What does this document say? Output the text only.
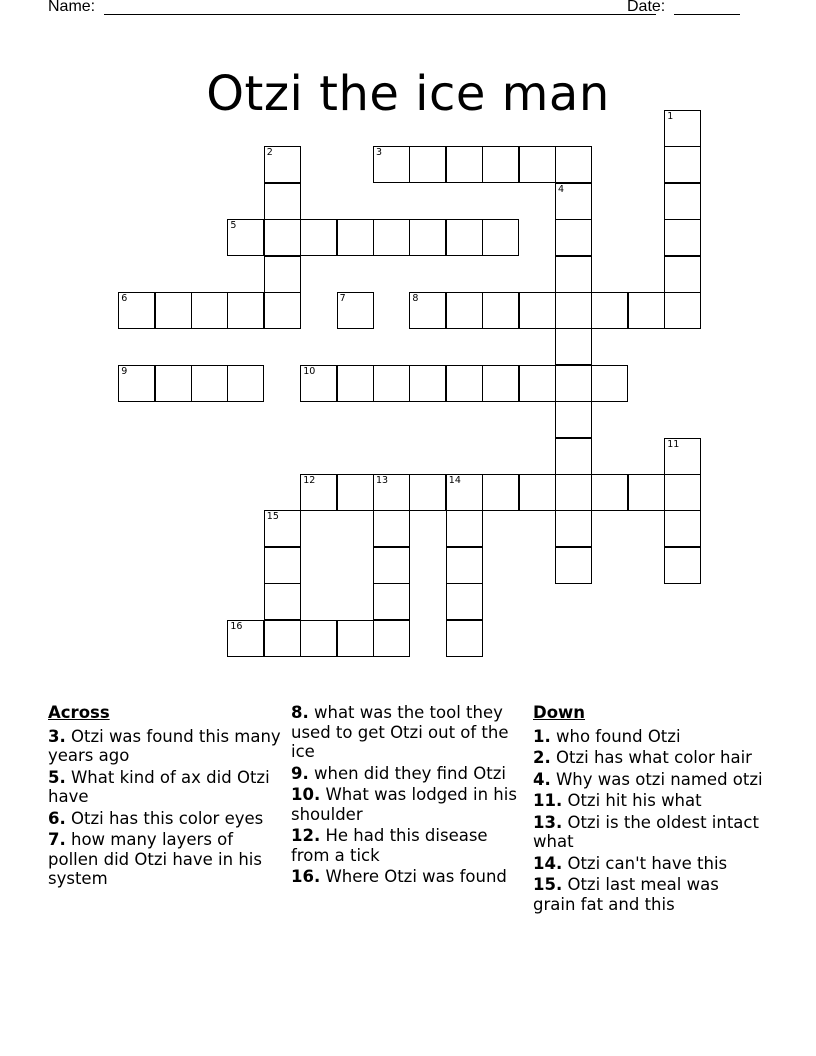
Name:	Date:
Otzi the ice man	1
2	3
4
5
6	7	8
9	10
11
12	13	14
15
16
Across
3. Otzi was found this many years ago
5. What kind of ax did Otzi have
6. Otzi has this color eyes
7. how many layers of pollen did Otzi have in his system
8. what was the tool they used to get Otzi out of the ice
9. when did they find Otzi
10. What was lodged in his shoulder
12. He had this disease from a tick
16. Where Otzi was found
Down
1. who found Otzi
2. Otzi has what color hair
4. Why was otzi named otzi
11. Otzi hit his what
13. Otzi is the oldest intact what
14. Otzi can't have this
15. Otzi last meal was grain fat and this
